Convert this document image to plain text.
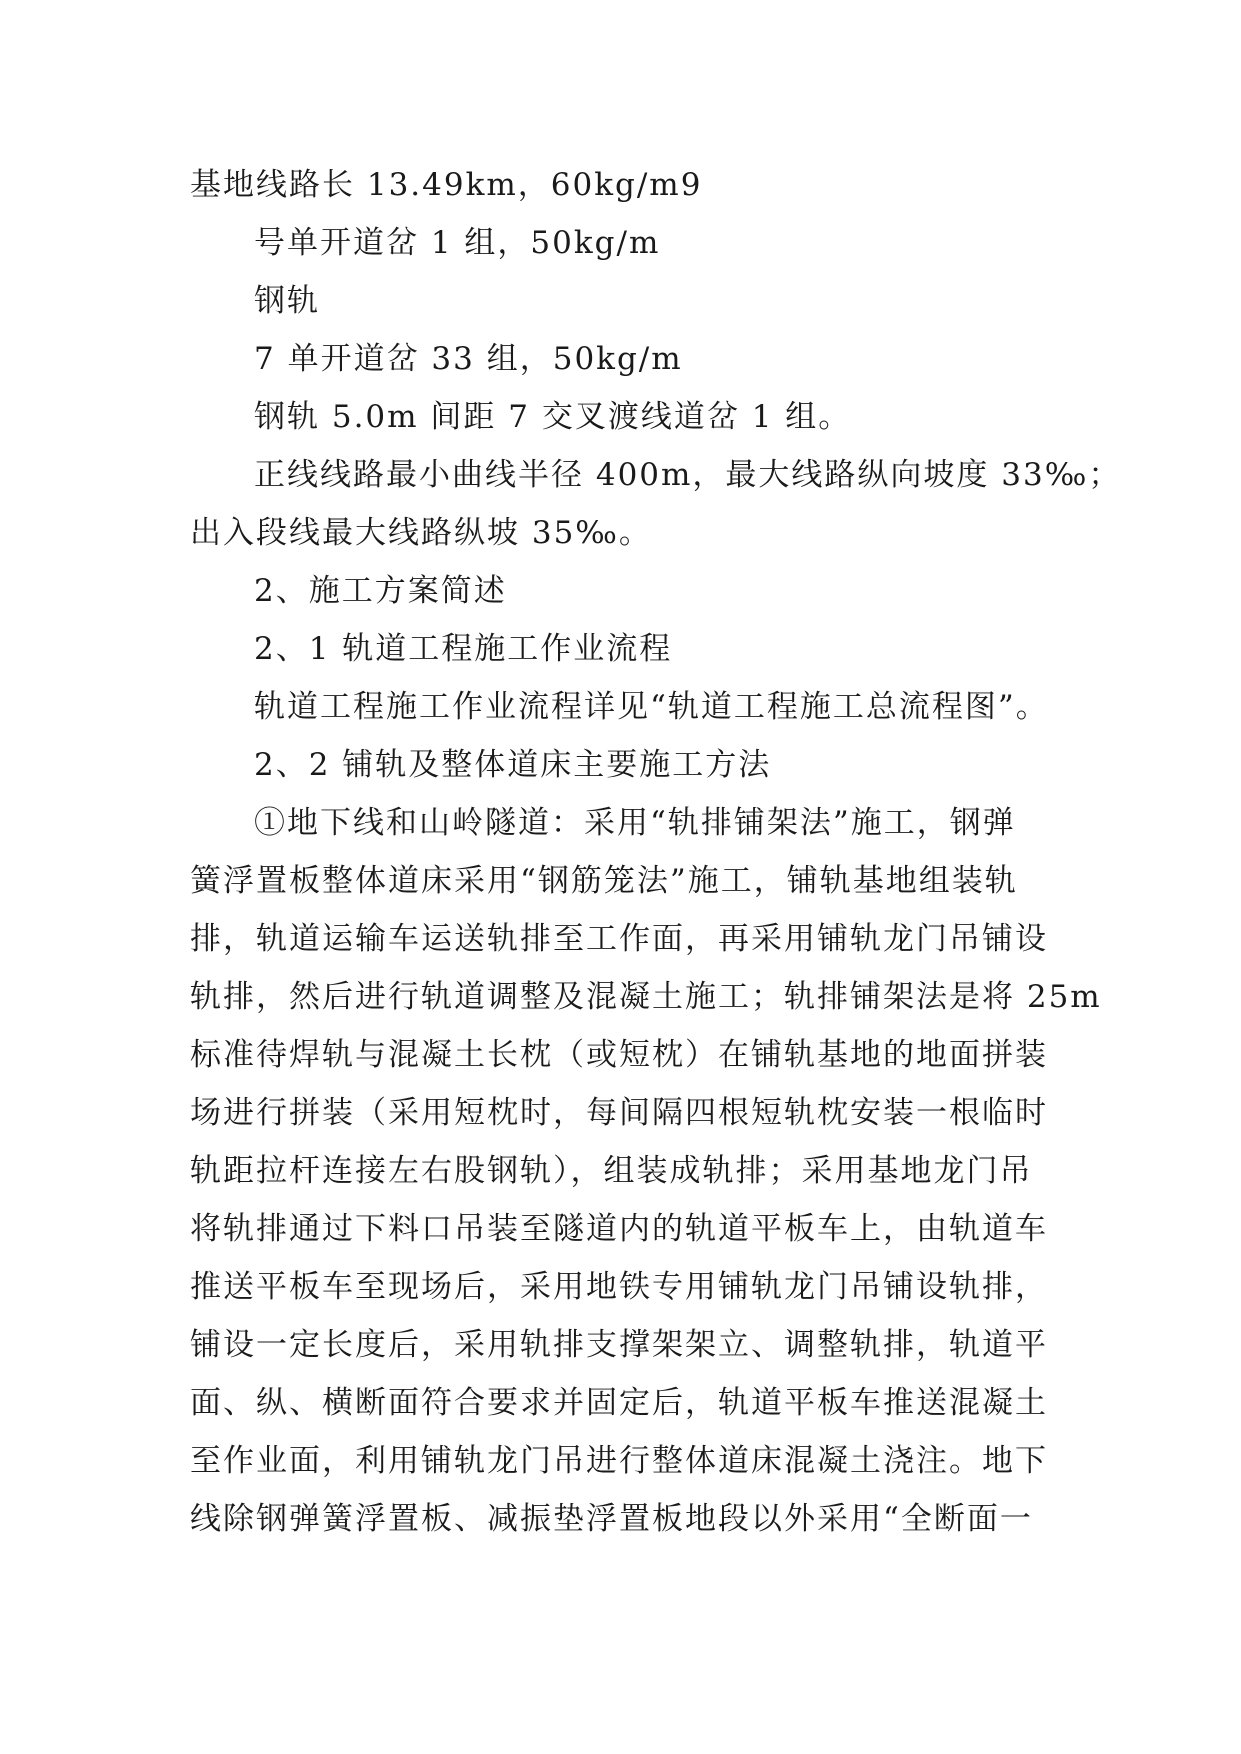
基地线路长 13.49km，60kg/m9
号单开道岔 1 组，50kg/m
钢轨
7 单开道岔 33 组，50kg/m
钢轨 5.0m 间距 7 交叉渡线道岔 1 组。
正线线路最小曲线半径 400m，最大线路纵向坡度 33‰；
出入段线最大线路纵坡 35‰。
2、施工方案简述
2、1 轨道工程施工作业流程
轨道工程施工作业流程详见“轨道工程施工总流程图”。
2、2 铺轨及整体道床主要施工方法
①地下线和山岭隧道：采用“轨排铺架法”施工，钢弹
簧浮置板整体道床采用“钢筋笼法”施工，铺轨基地组装轨
排，轨道运输车运送轨排至工作面，再采用铺轨龙门吊铺设
轨排，然后进行轨道调整及混凝土施工；轨排铺架法是将 25m
标准待焊轨与混凝土长枕（或短枕）在铺轨基地的地面拼装
场进行拼装（采用短枕时，每间隔四根短轨枕安装一根临时
轨距拉杆连接左右股钢轨），组装成轨排；采用基地龙门吊
将轨排通过下料口吊装至隧道内的轨道平板车上，由轨道车
推送平板车至现场后，采用地铁专用铺轨龙门吊铺设轨排，
铺设一定长度后，采用轨排支撑架架立、调整轨排，轨道平
面、纵、横断面符合要求并固定后，轨道平板车推送混凝土
至作业面，利用铺轨龙门吊进行整体道床混凝土浇注。地下
线除钢弹簧浮置板、减振垫浮置板地段以外采用“全断面一
